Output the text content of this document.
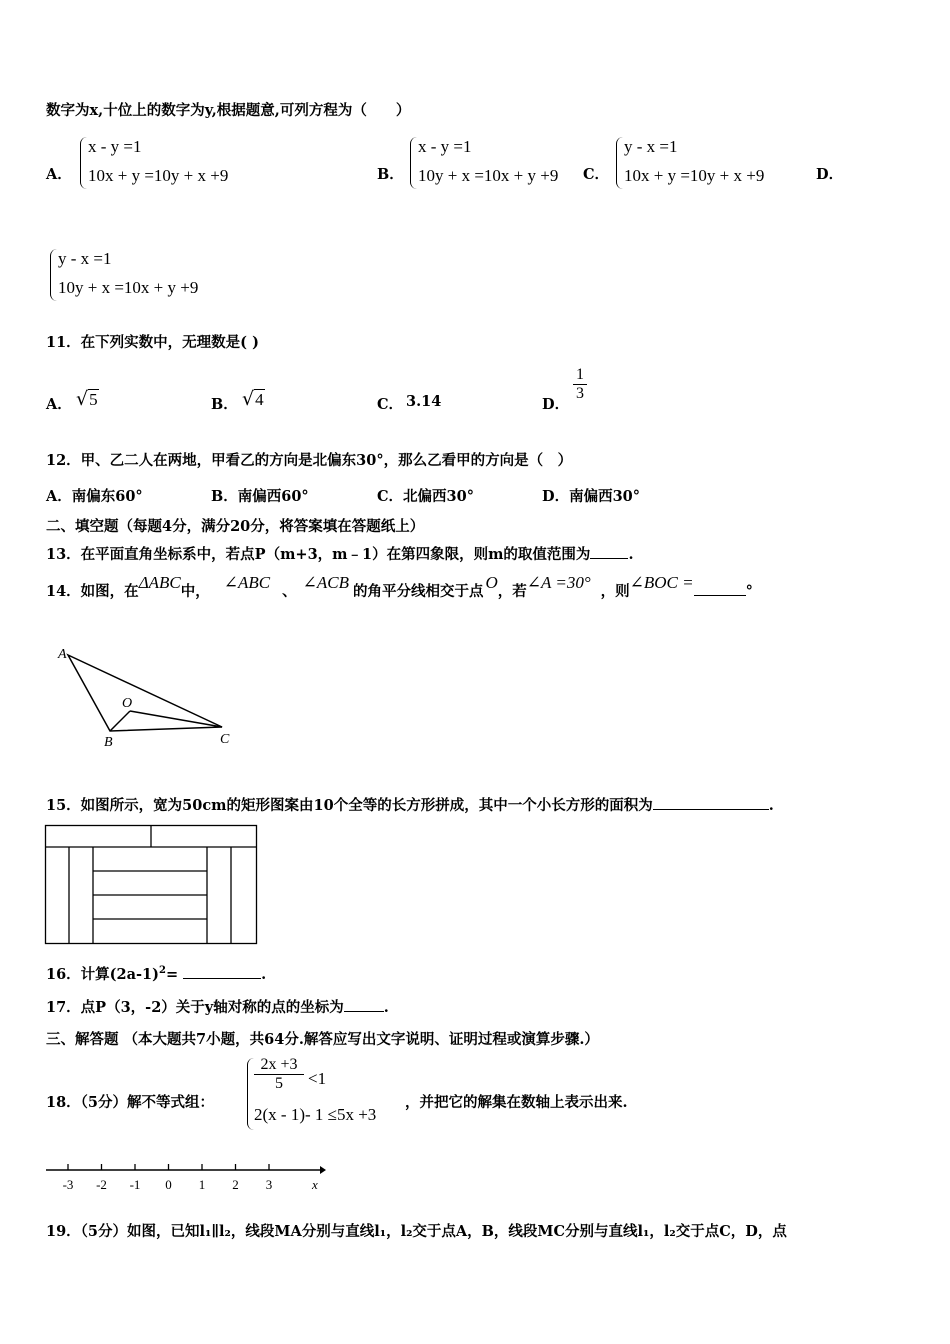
数字为x,十位上的数字为y,根据题意,可列方程为（　　）
A．
x - y =1
10x + y =10y + x +9	B．
x - y =1
10y + x =10x + y +9 C．
y - x =1
10x + y =10y + x +9	D．
y - x =1
10y + x =10x + y +9
11．在下列实数中，无理数是( )
A． √5	B． √4	C． 3.14	D．
$\frac{1}{3}$
12．甲、乙二人在两地，甲看乙的方向是北偏东30°，那么乙看甲的方向是（　）
A．南偏东60°	B．南偏西60°	C．北偏西30°	D．南偏西30°
二、填空题（每题4分，满分20分，将答案填在答题纸上）
13．在平面直角坐标系中，若点P（m+3，m﹣1）在第四象限，则m的取值范围为	.
14．如图，在ΔABC中， ∠ABC 、 ∠ACB 的角平分线相交于点 O，若∠A =30° ，则∠BOC =	°
A
B	C
O
15．如图所示，宽为50cm的矩形图案由10个全等的长方形拼成，其中一个小长方形的面积为	.
16．计算$(2a-1)^2=$	.
17．点P（3，-2）关于y轴对称的点的坐标为	.
三、解答题 （本大题共7小题，共64分.解答应写出文字说明、证明过程或演算步骤.）
18．（5分）解不等式组：
$\frac{2x +3}{5} <1$
2(x - 1)- 1 ≤5x +3
，并把它的解集在数轴上表示出来.
x
-3 -2 -1 0 1 2 3
19．（5分）如图，已知l₁∥l₂，线段MA分别与直线l₁，l₂交于点A，B，线段MC分别与直线l₁，l₂交于点C，D，点
